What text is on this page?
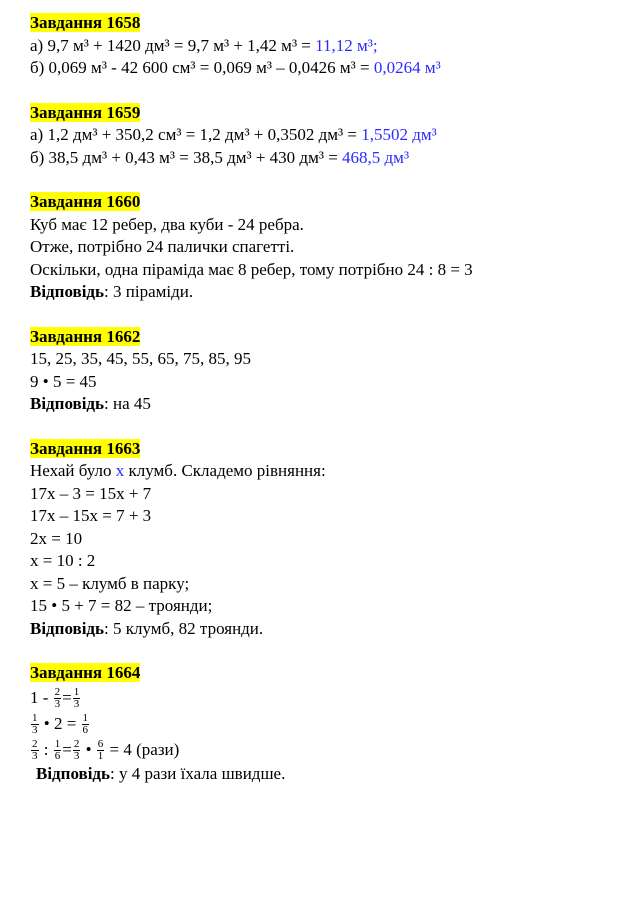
Завдання 1658
а) 9,7 м³ + 1420 дм³ = 9,7 м³ + 1,42 м³ = 11,12 м³;
б) 0,069 м³ - 42 600 см³ = 0,069 м³ – 0,0426 м³ = 0,0264 м³
Завдання 1659
а) 1,2 дм³ + 350,2 см³ = 1,2 дм³ + 0,3502 дм³ = 1,5502 дм³
б) 38,5 дм³ + 0,43 м³ = 38,5 дм³ + 430 дм³ = 468,5 дм³
Завдання 1660
Куб має 12 ребер, два куби - 24 ребра.
Отже, потрібно 24 палички спагетті.
Оскільки, одна піраміда має 8 ребер, тому потрібно 24 : 8 = 3
Відповідь: 3 піраміди.
Завдання 1662
15, 25, 35, 45, 55, 65, 75, 85, 95
9 • 5 = 45
Відповідь: на 45
Завдання 1663
Нехай було х клумб. Складемо рівняння:
17х – 3 = 15х + 7
17х – 15х = 7 + 3
2х = 10
х = 10 : 2
х = 5 – клумб в парку;
15 • 5 + 7 = 82 – троянди;
Відповідь: 5 клумб, 82 троянди.
Завдання 1664
$1 - \frac{2}{3} = \frac{1}{3}$
$\frac{1}{3}$ • $2 = \frac{1}{6}$
$\frac{2}{3}$ : $\frac{1}{6} = \frac{2}{3}$ • $\frac{6}{1} = 4$ (рази)
Відповідь: у 4 рази їхала швидше.
